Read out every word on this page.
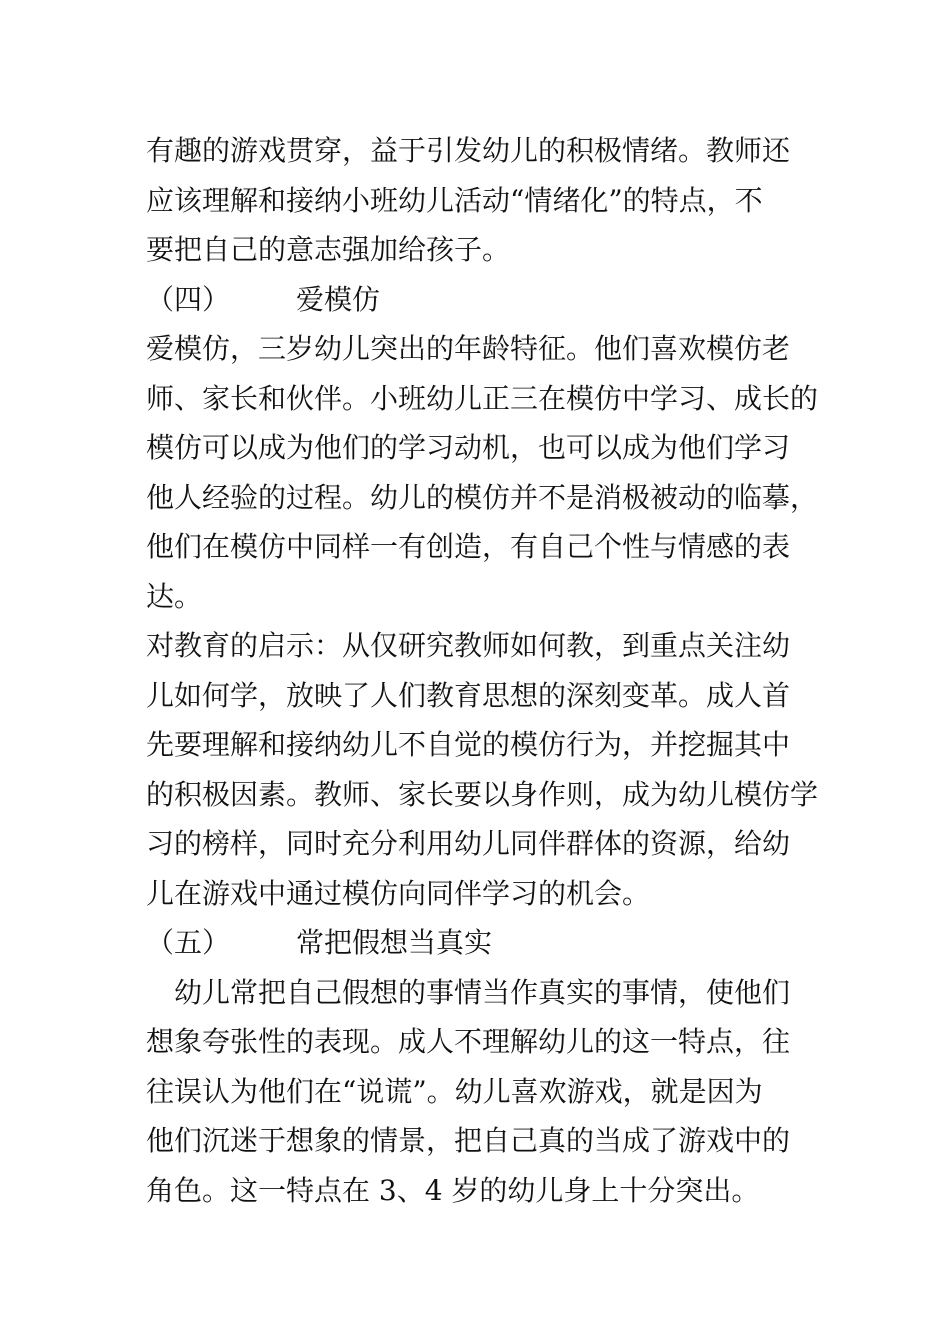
有趣的游戏贯穿，益于引发幼儿的积极情绪。教师还
应该理解和接纳小班幼儿活动“情绪化”的特点，不
要把自己的意志强加给孩子。
（四） 爱模仿
爱模仿，三岁幼儿突出的年龄特征。他们喜欢模仿老
师、家长和伙伴。小班幼儿正三在模仿中学习、成长的
模仿可以成为他们的学习动机，也可以成为他们学习
他人经验的过程。幼儿的模仿并不是消极被动的临摹，
他们在模仿中同样一有创造，有自己个性与情感的表
达。
对教育的启示：从仅研究教师如何教，到重点关注幼
儿如何学，放映了人们教育思想的深刻变革。成人首
先要理解和接纳幼儿不自觉的模仿行为，并挖掘其中
的积极因素。教师、家长要以身作则，成为幼儿模仿学
习的榜样，同时充分利用幼儿同伴群体的资源，给幼
儿在游戏中通过模仿向同伴学习的机会。
（五） 常把假想当真实
　幼儿常把自己假想的事情当作真实的事情，使他们
想象夸张性的表现。成人不理解幼儿的这一特点，往
往误认为他们在“说谎”。幼儿喜欢游戏，就是因为
他们沉迷于想象的情景，把自己真的当成了游戏中的
角色。这一特点在 3、4 岁的幼儿身上十分突出。
